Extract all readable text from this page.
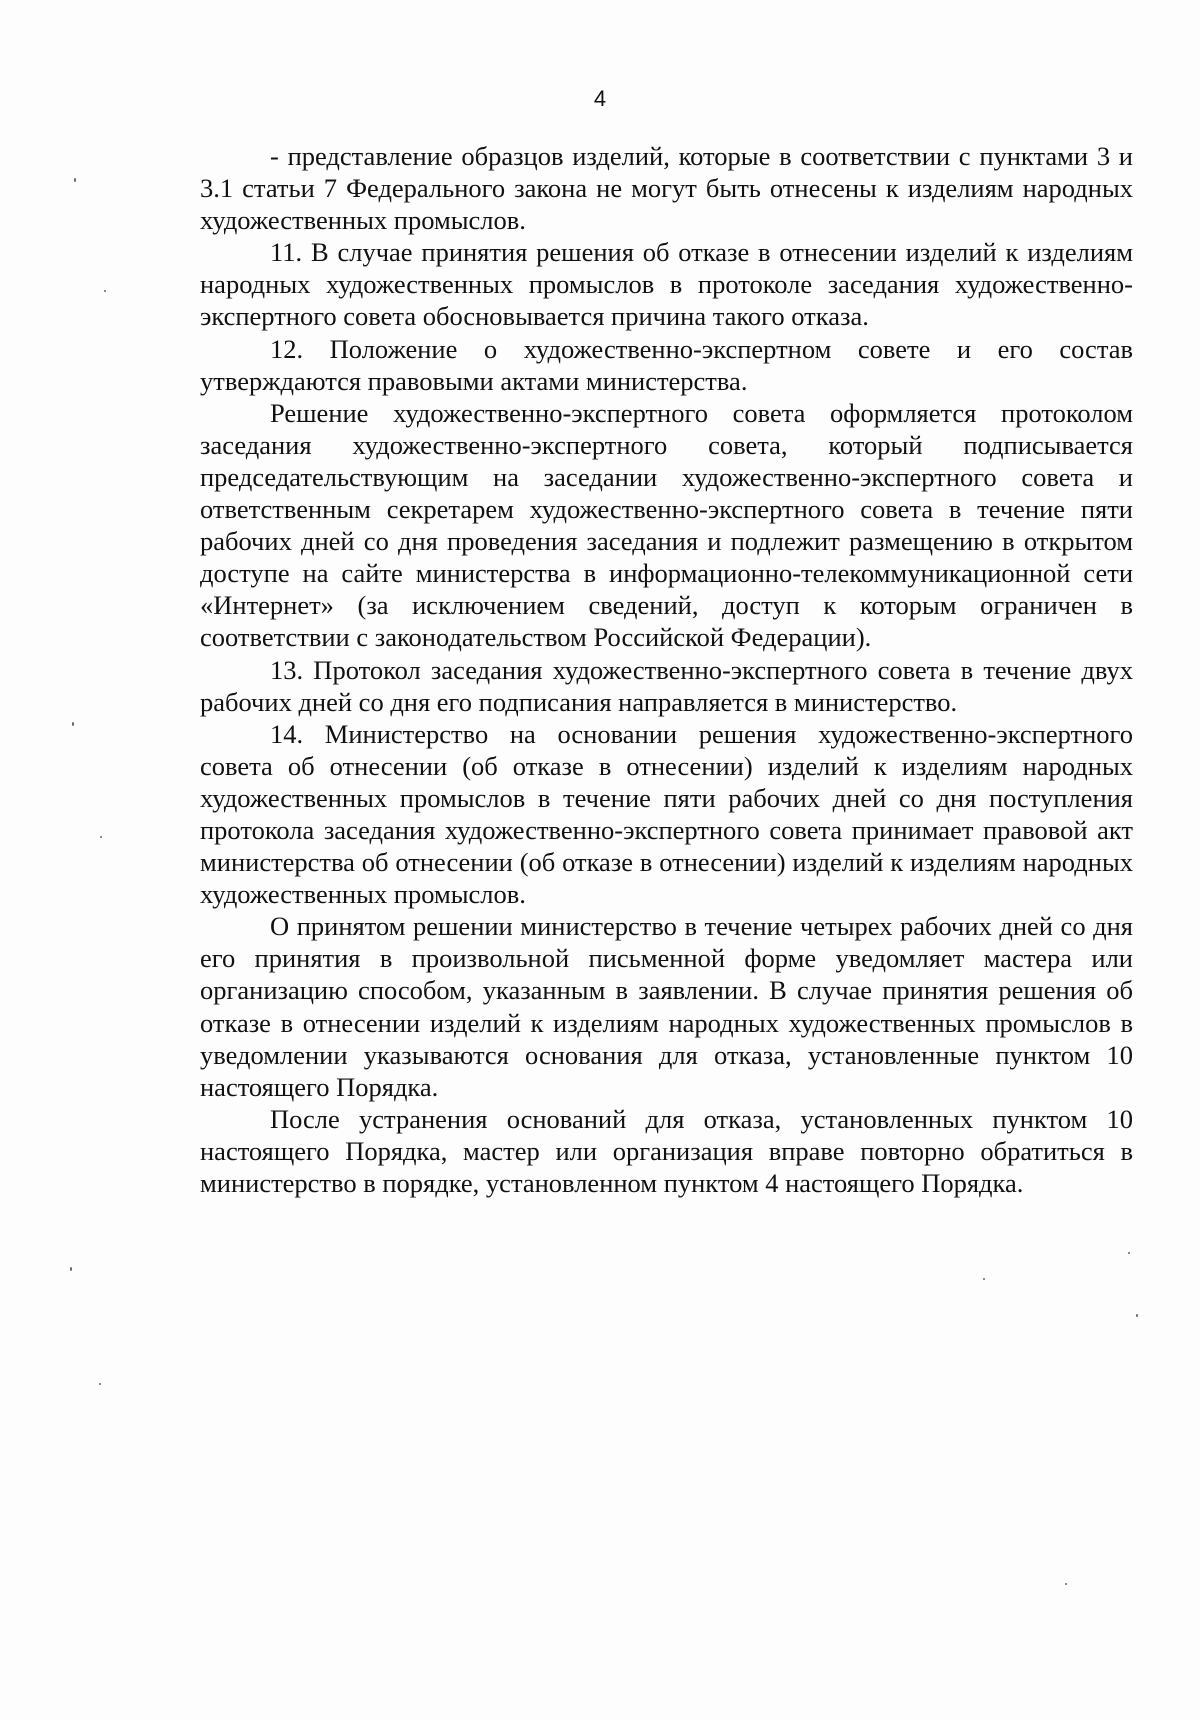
4

- представление образцов изделий, которые в соответствии с пунктами 3 и 3.1 статьи 7 Федерального закона не могут быть отнесены к изделиям народных художественных промыслов.

11. В случае принятия решения об отказе в отнесении изделий к изделиям народных художественных промыслов в протоколе заседания художественно-экспертного совета обосновывается причина такого отказа.

12. Положение о художественно-экспертном совете и его состав утверждаются правовыми актами министерства.

Решение художественно-экспертного совета оформляется протоколом заседания художественно-экспертного совета, который подписывается председательствующим на заседании художественно-экспертного совета и ответственным секретарем художественно-экспертного совета в течение пяти рабочих дней со дня проведения заседания и подлежит размещению в открытом доступе на сайте министерства в информационно-телекоммуникационной сети «Интернет» (за исключением сведений, доступ к которым ограничен в соответствии с законодательством Российской Федерации).

13. Протокол заседания художественно-экспертного совета в течение двух рабочих дней со дня его подписания направляется в министерство.

14. Министерство на основании решения художественно-экспертного совета об отнесении (об отказе в отнесении) изделий к изделиям народных художественных промыслов в течение пяти рабочих дней со дня поступления протокола заседания художественно-экспертного совета принимает правовой акт министерства об отнесении (об отказе в отнесении) изделий к изделиям народных художественных промыслов.

О принятом решении министерство в течение четырех рабочих дней со дня его принятия в произвольной письменной форме уведомляет мастера или организацию способом, указанным в заявлении. В случае принятия решения об отказе в отнесении изделий к изделиям народных художественных промыслов в уведомлении указываются основания для отказа, установленные пунктом 10 настоящего Порядка.

После устранения оснований для отказа, установленных пунктом 10 настоящего Порядка, мастер или организация вправе повторно обратиться в министерство в порядке, установленном пунктом 4 настоящего Порядка.
